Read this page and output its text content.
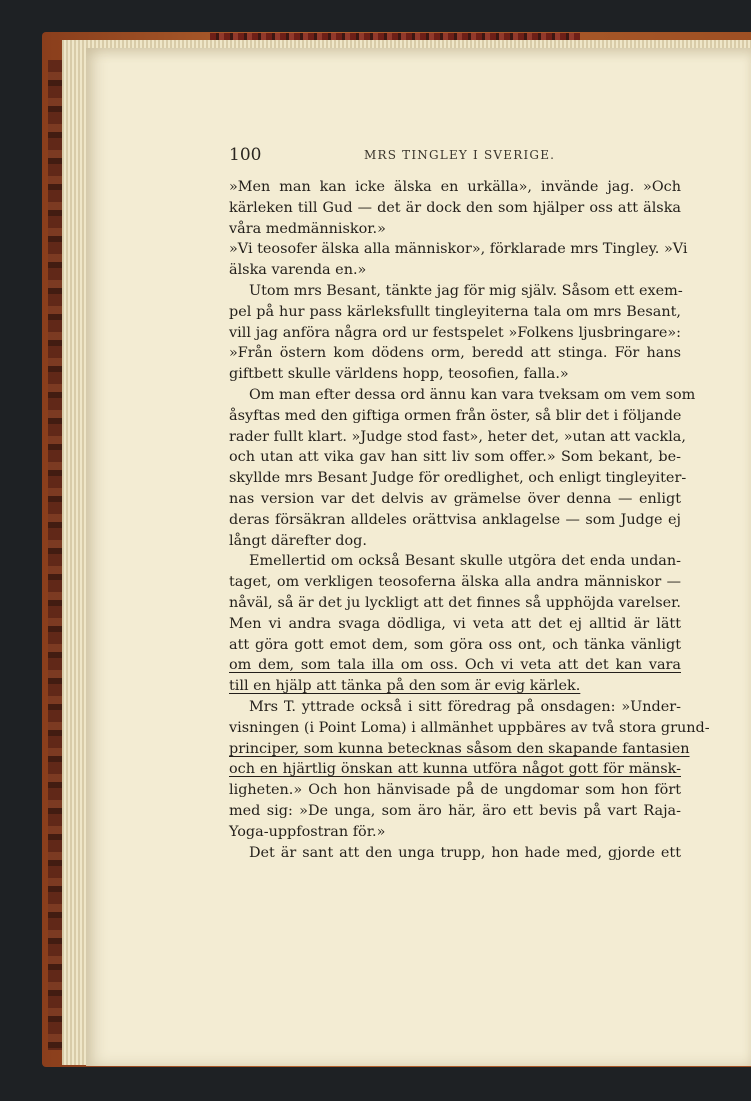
100	MRS TINGLEY I SVERIGE.
»Men man kan icke älska en urkälla», invände jag. »Och
kärleken till Gud — det är dock den som hjälper oss att älska
våra medmänniskor.»
»Vi teosofer älska alla människor», förklarade mrs Tingley. »Vi
älska varenda en.»
Utom mrs Besant, tänkte jag för mig själv. Såsom ett exem-
pel på hur pass kärleksfullt tingleyiterna tala om mrs Besant,
vill jag anföra några ord ur festspelet »Folkens ljusbringare»:
»Från östern kom dödens orm, beredd att stinga. För hans
giftbett skulle världens hopp, teosofien, falla.»
Om man efter dessa ord ännu kan vara tveksam om vem som
åsyftas med den giftiga ormen från öster, så blir det i följande
rader fullt klart. »Judge stod fast», heter det, »utan att vackla,
och utan att vika gav han sitt liv som offer.» Som bekant, be-
skyllde mrs Besant Judge för oredlighet, och enligt tingleyiter-
nas version var det delvis av grämelse över denna — enligt
deras försäkran alldeles orättvisa anklagelse — som Judge ej
långt därefter dog.
Emellertid om också Besant skulle utgöra det enda undan-
taget, om verkligen teosoferna älska alla andra människor —
nåväl, så är det ju lyckligt att det finnes så upphöjda varelser.
Men vi andra svaga dödliga, vi veta att det ej alltid är lätt
att göra gott emot dem, som göra oss ont, och tänka vänligt
om dem, som tala illa om oss. Och vi veta att det kan vara
till en hjälp att tänka på den som är evig kärlek.
Mrs T. yttrade också i sitt föredrag på onsdagen: »Under-
visningen (i Point Loma) i allmänhet uppbäres av två stora grund-
principer, som kunna betecknas såsom den skapande fantasien
och en hjärtlig önskan att kunna utföra något gott för mänsk-
ligheten.» Och hon hänvisade på de ungdomar som hon fört
med sig: »De unga, som äro här, äro ett bevis på vart Raja-
Yoga-uppfostran för.»
Det är sant att den unga trupp, hon hade med, gjorde ett
